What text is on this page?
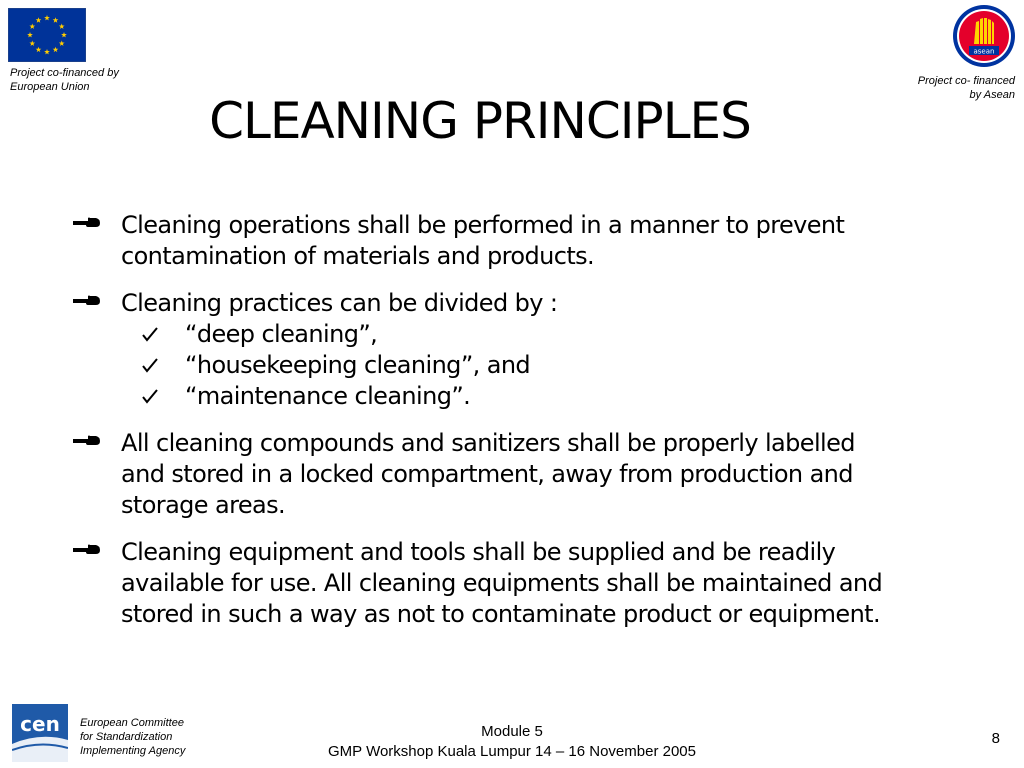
Project co-financed by
European Union
asean
Project co- financed
by Asean
CLEANING PRINCIPLES
Cleaning operations shall be performed in a manner to prevent
contamination of materials and products.
Cleaning practices can be divided by :
“deep cleaning”,
“housekeeping cleaning”, and
“maintenance cleaning”.
All cleaning compounds and sanitizers shall be properly labelled
and stored in a locked compartment, away from production and
storage areas.
Cleaning equipment and tools shall be supplied and be readily
available for use. All cleaning equipments shall be maintained and
stored in such a way as not to contaminate product or equipment.
cen European Committee
for Standardization
Implementing Agency
Module 5
GMP Workshop Kuala Lumpur 14 – 16 November 2005
8
